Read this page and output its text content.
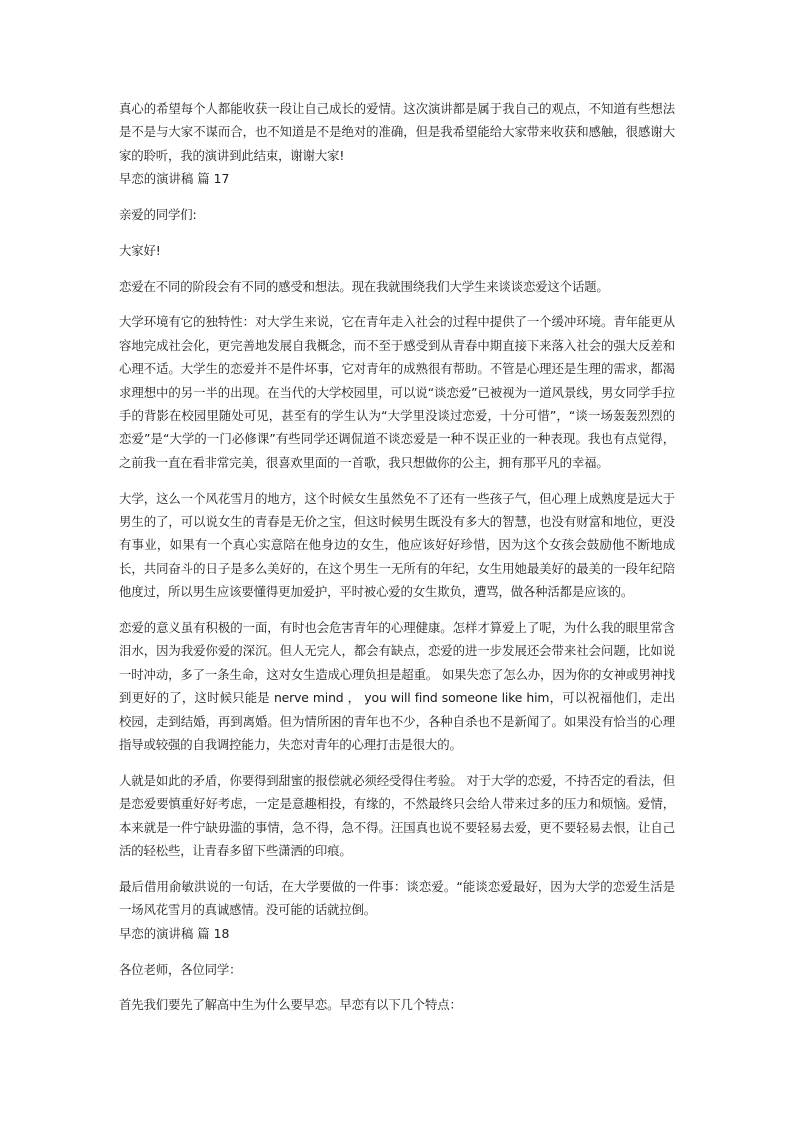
真心的希望每个人都能收获一段让自己成长的爱情。这次演讲都是属于我自己的观点，不知道有些想法是不是与大家不谋而合，也不知道是不是绝对的准确，但是我希望能给大家带来收获和感触，很感谢大家的聆听，我的演讲到此结束，谢谢大家!

早恋的演讲稿 篇 17

亲爱的同学们:

大家好!

恋爱在不同的阶段会有不同的感受和想法。现在我就围绕我们大学生来谈谈恋爱这个话题。

大学环境有它的独特性：对大学生来说，它在青年走入社会的过程中提供了一个缓冲环境。青年能更从容地完成社会化，更完善地发展自我概念，而不至于感受到从青春中期直接下来落入社会的强大反差和心理不适。大学生的恋爱并不是件坏事，它对青年的成熟很有帮助。不管是心理还是生理的需求，都渴求理想中的另一半的出现。在当代的大学校园里，可以说“谈恋爱”已被视为一道风景线，男女同学手拉手的背影在校园里随处可见，甚至有的学生认为“大学里没谈过恋爱，十分可惜”，“谈一场轰轰烈烈的恋爱”是“大学的一门必修课”有些同学还调侃道不谈恋爱是一种不误正业的一种表现。我也有点觉得，之前我一直在看非常完美，很喜欢里面的一首歌，我只想做你的公主，拥有那平凡的幸福。

大学，这么一个风花雪月的地方，这个时候女生虽然免不了还有一些孩子气，但心理上成熟度是远大于男生的了，可以说女生的青春是无价之宝，但这时候男生既没有多大的智慧，也没有财富和地位，更没有事业，如果有一个真心实意陪在他身边的女生，他应该好好珍惜，因为这个女孩会鼓励他不断地成长，共同奋斗的日子是多么美好的，在这个男生一无所有的年纪，女生用她最美好的最美的一段年纪陪他度过，所以男生应该要懂得更加爱护，平时被心爱的女生欺负，遭骂，做各种活都是应该的。

恋爱的意义虽有积极的一面，有时也会危害青年的心理健康。怎样才算爱上了呢，为什么我的眼里常含泪水，因为我爱你爱的深沉。但人无完人，都会有缺点，恋爱的进一步发展还会带来社会问题，比如说一时冲动，多了一条生命，这对女生造成心理负担是超重。 如果失恋了怎么办，因为你的女神或男神找到更好的了，这时候只能是 nerve mind ， you will find someone like him，可以祝福他们，走出校园，走到结婚，再到离婚。但为情所困的青年也不少，各种自杀也不是新闻了。如果没有恰当的心理指导或较强的自我调控能力，失恋对青年的心理打击是很大的。

人就是如此的矛盾，你要得到甜蜜的报偿就必须经受得住考验。 对于大学的恋爱，不持否定的看法，但是恋爱要慎重好好考虑，一定是意趣相投，有缘的，不然最终只会给人带来过多的压力和烦恼。爱情，本来就是一件宁缺毋滥的事情，急不得，急不得。汪国真也说不要轻易去爱，更不要轻易去恨，让自己活的轻松些，让青春多留下些潇洒的印痕。

最后借用俞敏洪说的一句话，在大学要做的一件事：谈恋爱。“能谈恋爱最好，因为大学的恋爱生活是一场风花雪月的真诚感情。没可能的话就拉倒。

早恋的演讲稿 篇 18

各位老师，各位同学：

首先我们要先了解高中生为什么要早恋。早恋有以下几个特点：
